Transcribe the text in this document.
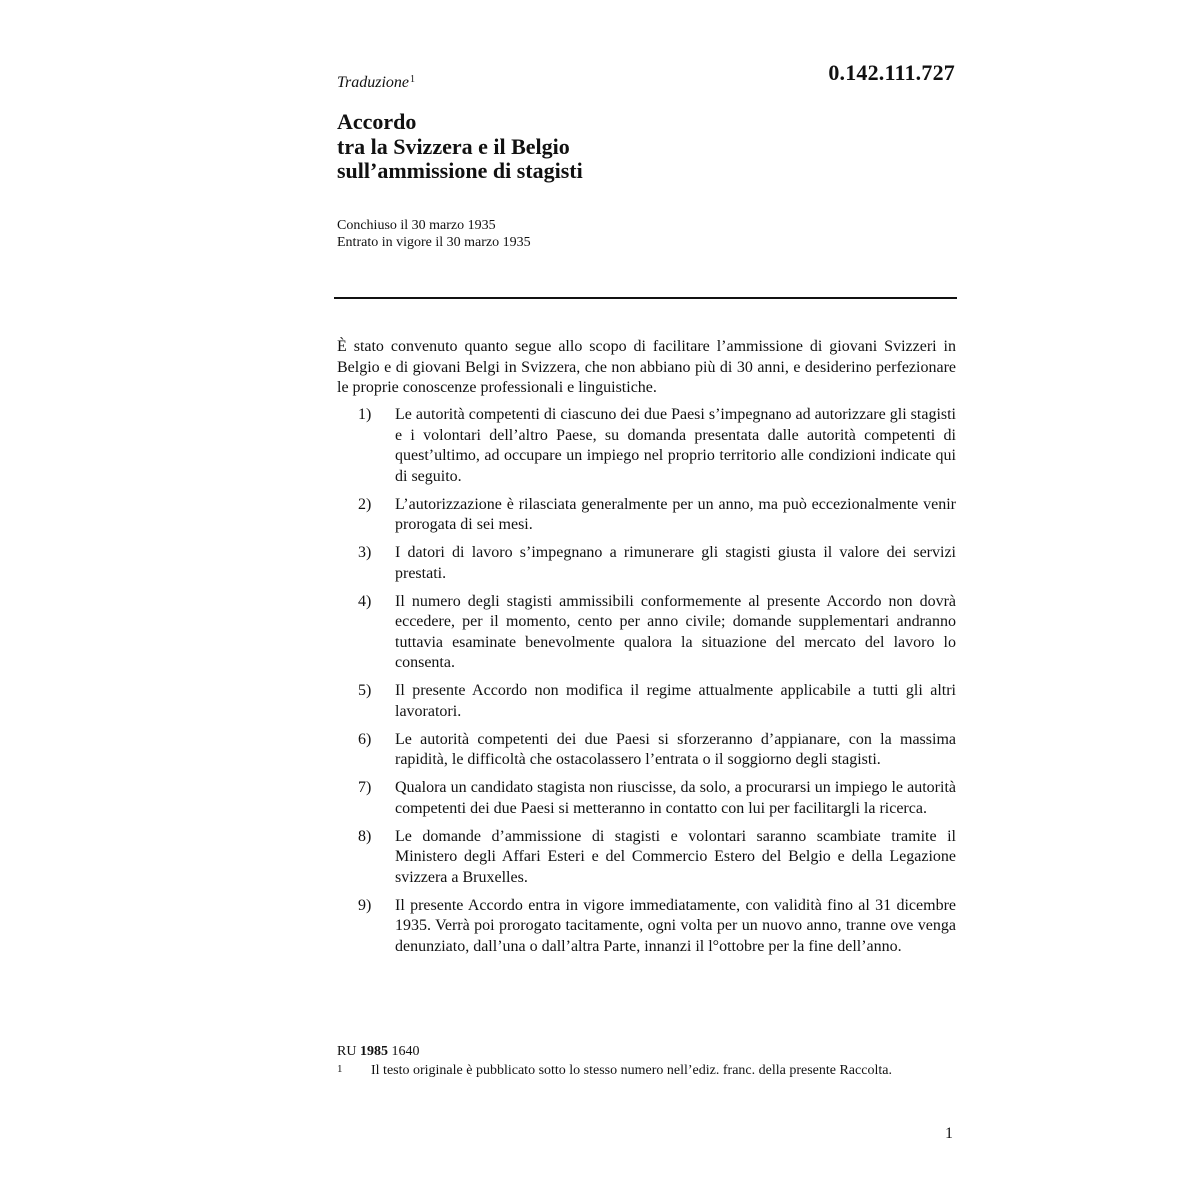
0.142.111.727
Traduzione$^1$
Accordo
tra la Svizzera e il Belgio
sull’ammissione di stagisti
Conchiuso il 30 marzo 1935
Entrato in vigore il 30 marzo 1935

È stato convenuto quanto segue allo scopo di facilitare l’ammissione di giovani Svizzeri in Belgio e di giovani Belgi in Svizzera, che non abbiano più di 30 anni, e desiderino perfezionare le proprie conoscenze professionali e linguistiche.

1) Le autorità competenti di ciascuno dei due Paesi s’impegnano ad autorizzare gli stagisti e i volontari dell’altro Paese, su domanda presentata dalle autorità competenti di quest’ultimo, ad occupare un impiego nel proprio territorio alle condizioni indicate qui di seguito.
2) L’autorizzazione è rilasciata generalmente per un anno, ma può eccezionalmente venir prorogata di sei mesi.
3) I datori di lavoro s’impegnano a rimunerare gli stagisti giusta il valore dei servizi prestati.
4) Il numero degli stagisti ammissibili conformemente al presente Accordo non dovrà eccedere, per il momento, cento per anno civile; domande supplementari andranno tuttavia esaminate benevolmente qualora la situazione del mercato del lavoro lo consenta.
5) Il presente Accordo non modifica il regime attualmente applicabile a tutti gli altri lavoratori.
6) Le autorità competenti dei due Paesi si sforzeranno d’appianare, con la massima rapidità, le difficoltà che ostacolassero l’entrata o il soggiorno degli stagisti.
7) Qualora un candidato stagista non riuscisse, da solo, a procurarsi un impiego le autorità competenti dei due Paesi si metteranno in contatto con lui per facilitargli la ricerca.
8) Le domande d’ammissione di stagisti e volontari saranno scambiate tramite il Ministero degli Affari Esteri e del Commercio Estero del Belgio e della Legazione svizzera a Bruxelles.
9) Il presente Accordo entra in vigore immediatamente, con validità fino al 31 dicembre 1935. Verrà poi prorogato tacitamente, ogni volta per un nuovo anno, tranne ove venga denunziato, dall’una o dall’altra Parte, innanzi il l°ottobre per la fine dell’anno.
RU 1985 1640
1 Il testo originale è pubblicato sotto lo stesso numero nell’ediz. franc. della presente Raccolta.
1
